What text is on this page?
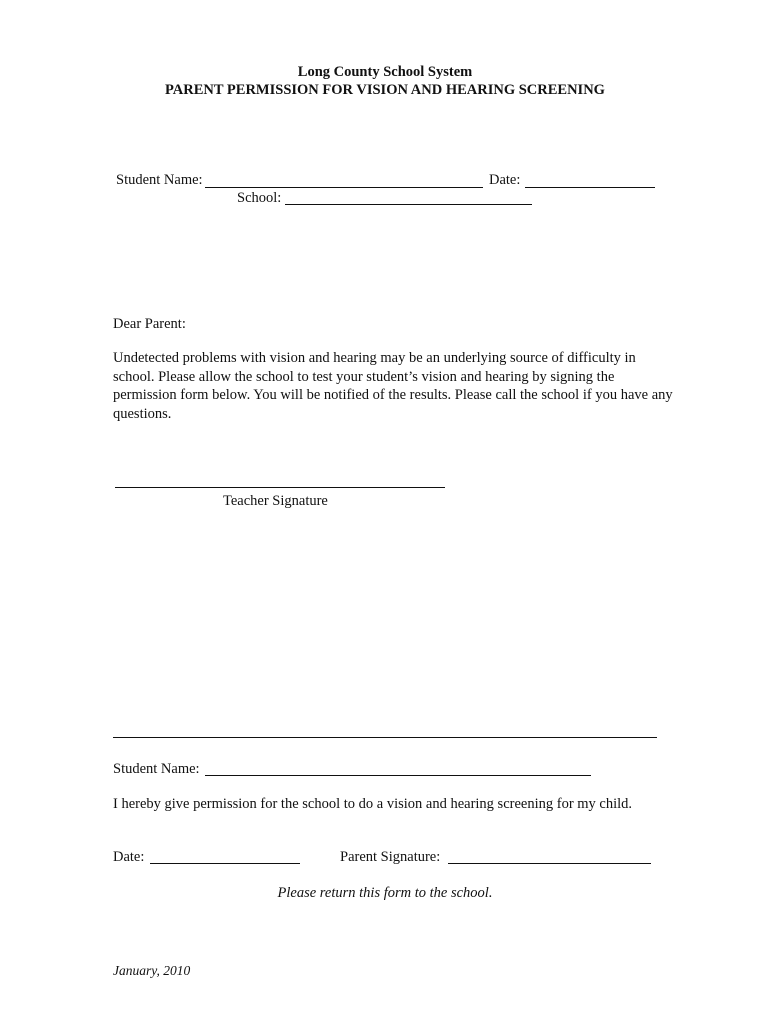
Long County School System
PARENT PERMISSION FOR VISION AND HEARING SCREENING
Student Name:	Date:
School:
Dear Parent:
Undetected problems with vision and hearing may be an underlying source of difficulty in school. Please allow the school to test your student’s vision and hearing by signing the permission form below. You will be notified of the results. Please call the school if you have any questions.
Teacher Signature
Student Name:
I hereby give permission for the school to do a vision and hearing screening for my child.
Date:	Parent Signature:
Please return this form to the school.
January, 2010
